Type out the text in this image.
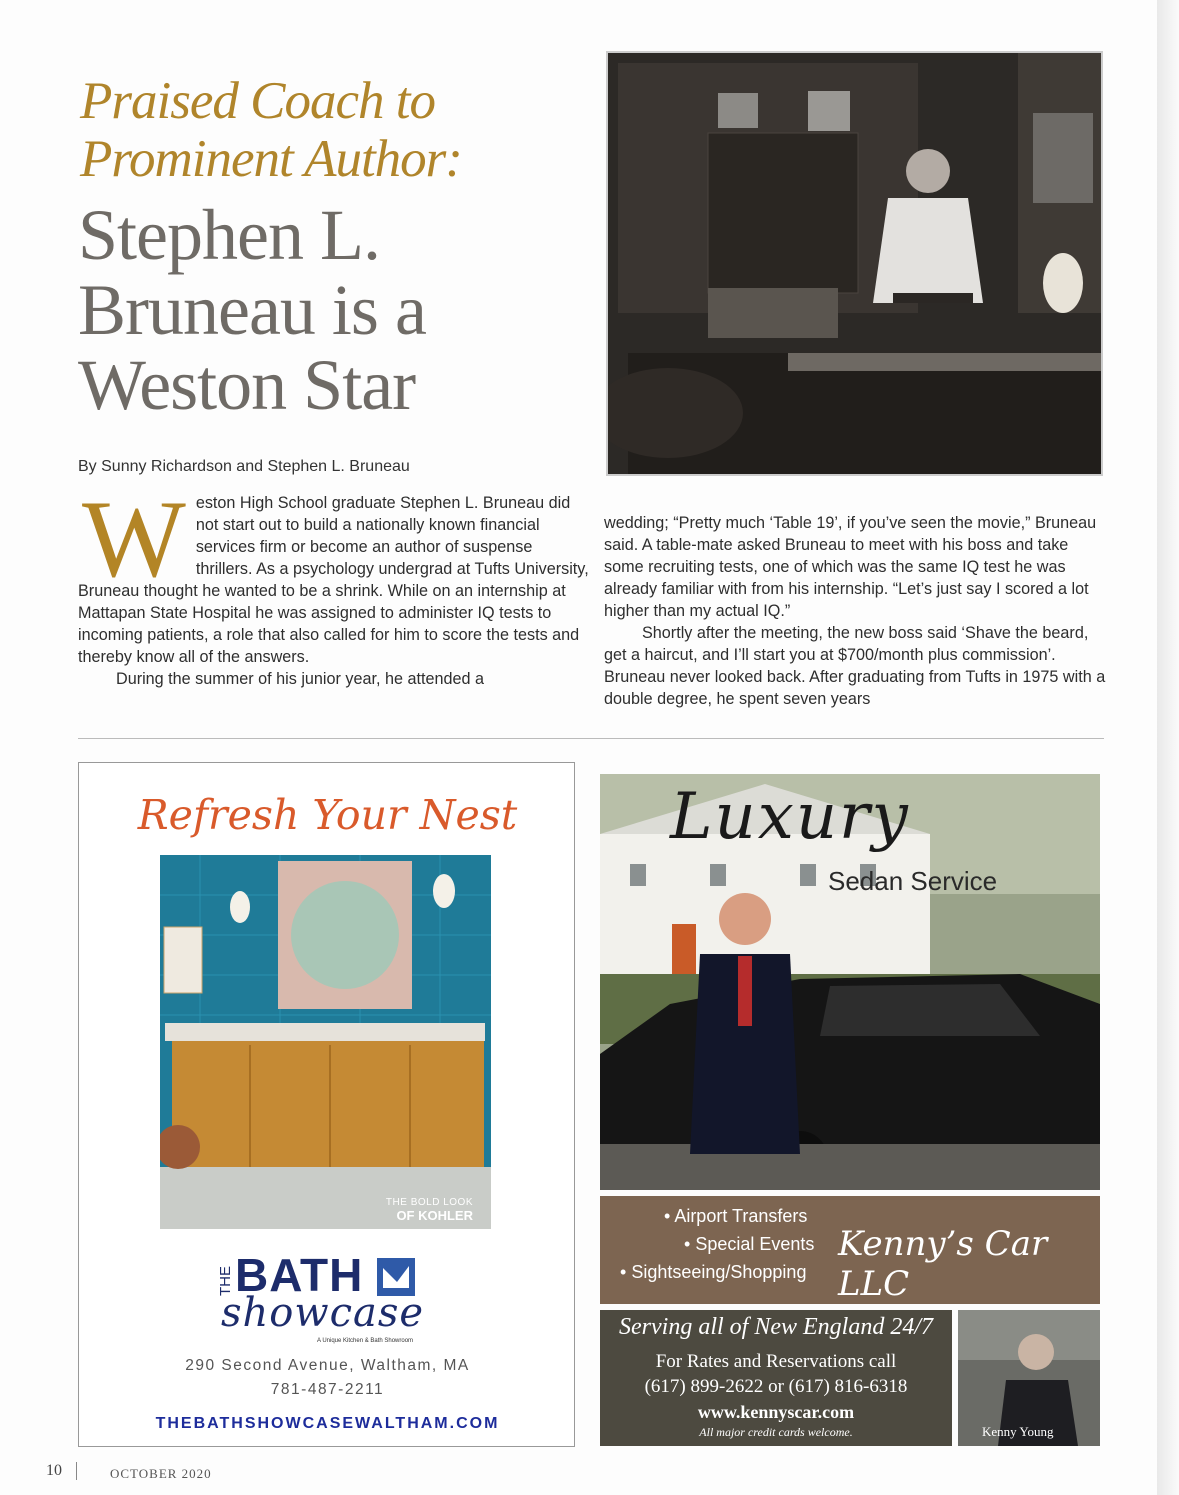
Praised Coach to Prominent Author:
Stephen L. Bruneau is a Weston Star
By Sunny Richardson and Stephen L. Bruneau
Weston High School graduate Stephen L. Bruneau did not start out to build a nationally known financial services firm or become an author of suspense thrillers. As a psychology undergrad at Tufts University, Bruneau thought he wanted to be a shrink. While on an internship at Mattapan State Hospital he was assigned to administer IQ tests to incoming patients, a role that also called for him to score the tests and thereby know all of the answers.
During the summer of his junior year, he attended a
wedding; “Pretty much ‘Table 19’, if you’ve seen the movie,” Bruneau said. A table-mate asked Bruneau to meet with his boss and take some recruiting tests, one of which was the same IQ test he was already familiar with from his internship. “Let’s just say I scored a lot higher than my actual IQ.”
Shortly after the meeting, the new boss said ‘Shave the beard, get a haircut, and I’ll start you at $700/month plus commission’. Bruneau never looked back. After graduating from Tufts in 1975 with a double degree, he spent seven years
Refresh Your Nest
THE BOLD LOOK
OF KOHLER
THE BATH
showcase
A Unique Kitchen & Bath Showroom
290 Second Avenue, Waltham, MA
781-487-2211
THEBATHSHOWCASEWALTHAM.COM
Luxury
Sedan Service
• Airport Transfers
• Special Events
• Sightseeing/Shopping
Kenny’s Car LLC
Serving all of New England 24/7
For Rates and Reservations call
(617) 899-2622 or (617) 816-6318
www.kennyscar.com
All major credit cards welcome.	Kenny Young
10	OCTOBER 2020
